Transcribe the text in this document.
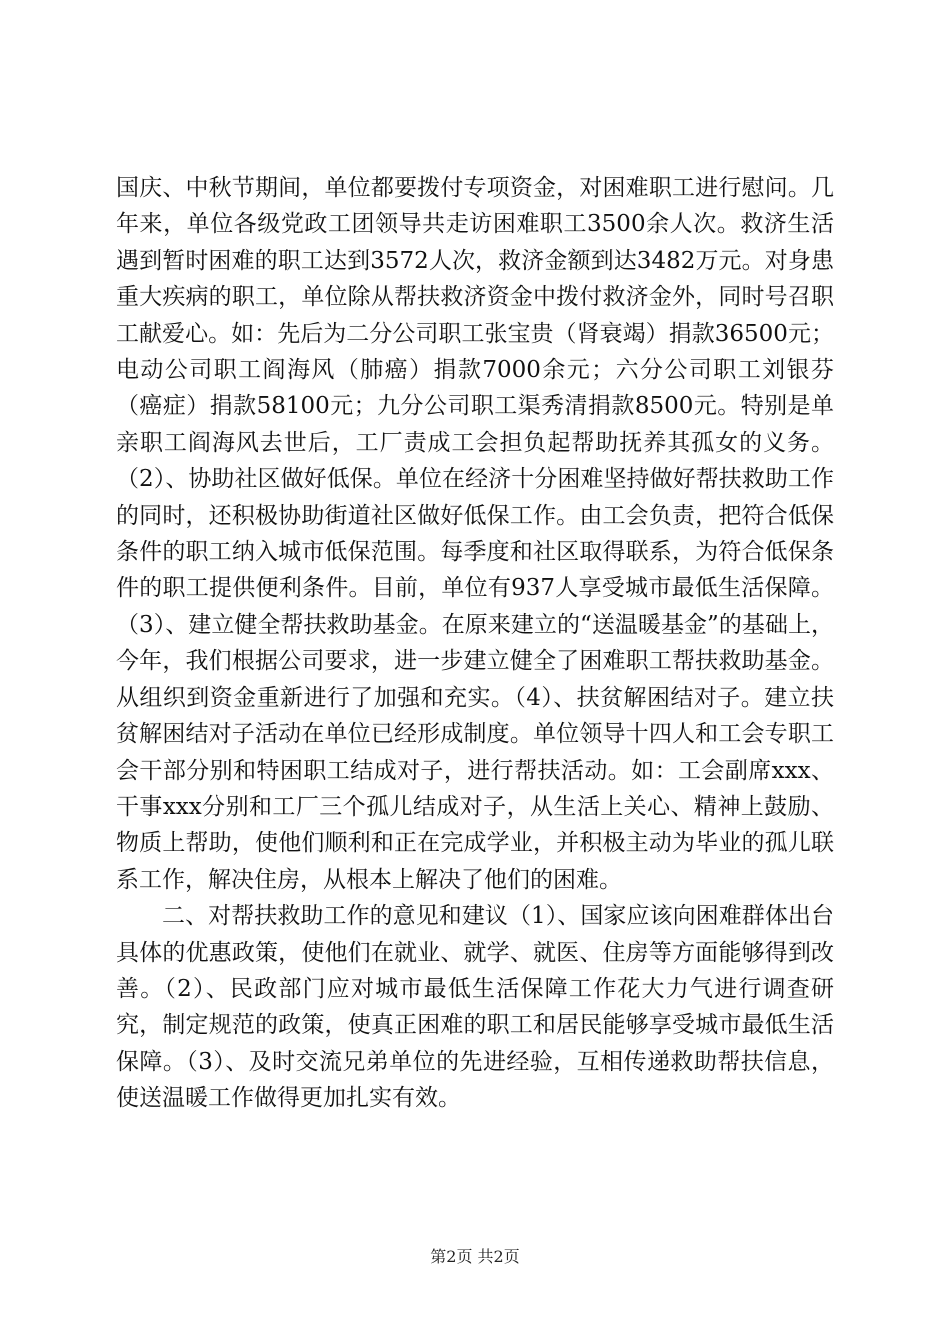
国庆、中秋节期间，单位都要拨付专项资金，对困难职工进行慰问。几年来，单位各级党政工团领导共走访困难职工3500余人次。救济生活遇到暂时困难的职工达到3572人次，救济金额到达3482万元。对身患重大疾病的职工，单位除从帮扶救济资金中拨付救济金外，同时号召职工献爱心。如：先后为二分公司职工张宝贵（肾衰竭）捐款36500元；电动公司职工阎海风（肺癌）捐款7000余元；六分公司职工刘银芬（癌症）捐款58100元；九分公司职工渠秀清捐款8500元。特别是单亲职工阎海风去世后，工厂责成工会担负起帮助抚养其孤女的义务。（2）、协助社区做好低保。单位在经济十分困难坚持做好帮扶救助工作的同时，还积极协助街道社区做好低保工作。由工会负责，把符合低保条件的职工纳入城市低保范围。每季度和社区取得联系，为符合低保条件的职工提供便利条件。目前，单位有937人享受城市最低生活保障。（3）、建立健全帮扶救助基金。在原来建立的“送温暖基金”的基础上，今年，我们根据公司要求，进一步建立健全了困难职工帮扶救助基金。从组织到资金重新进行了加强和充实。（4）、扶贫解困结对子。建立扶贫解困结对子活动在单位已经形成制度。单位领导十四人和工会专职工会干部分别和特困职工结成对子，进行帮扶活动。如：工会副席xxx、干事xxx分别和工厂三个孤儿结成对子，从生活上关心、精神上鼓励、物质上帮助，使他们顺利和正在完成学业，并积极主动为毕业的孤儿联系工作，解决住房，从根本上解决了他们的困难。

二、对帮扶救助工作的意见和建议（1）、国家应该向困难群体出台具体的优惠政策，使他们在就业、就学、就医、住房等方面能够得到改善。（2）、民政部门应对城市最低生活保障工作花大力气进行调查研究，制定规范的政策，使真正困难的职工和居民能够享受城市最低生活保障。（3）、及时交流兄弟单位的先进经验，互相传递救助帮扶信息，使送温暖工作做得更加扎实有效。

第2页 共2页
